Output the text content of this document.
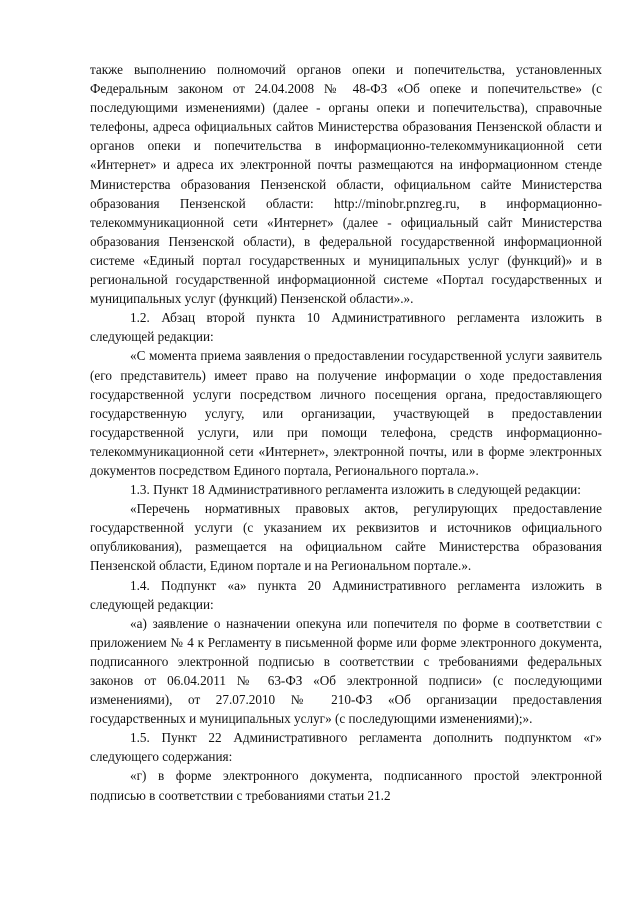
также выполнению полномочий органов опеки и попечительства, установленных Федеральным законом от 24.04.2008 № 48-ФЗ «Об опеке и попечительстве» (с последующими изменениями) (далее - органы опеки и попечительства), справочные телефоны, адреса официальных сайтов Министерства образования Пензенской области и органов опеки и попечительства в информационно-телекоммуникационной сети «Интернет» и адреса их электронной почты размещаются на информационном стенде Министерства образования Пензенской области, официальном сайте Министерства образования Пензенской области: http://minobr.pnzreg.ru, в информационно-телекоммуникационной сети «Интернет» (далее - официальный сайт Министерства образования Пензенской области), в федеральной государственной информационной системе «Единый портал государственных и муниципальных услуг (функций)» и в региональной государственной информационной системе «Портал государственных и муниципальных услуг (функций) Пензенской области».».

1.2. Абзац второй пункта 10 Административного регламента изложить в следующей редакции:

«С момента приема заявления о предоставлении государственной услуги заявитель (его представитель) имеет право на получение информации о ходе предоставления государственной услуги посредством личного посещения органа, предоставляющего государственную услугу, или организации, участвующей в предоставлении государственной услуги, или при помощи телефона, средств информационно-телекоммуникационной сети «Интернет», электронной почты, или в форме электронных документов посредством Единого портала, Регионального портала.».

1.3. Пункт 18 Административного регламента изложить в следующей редакции:

«Перечень нормативных правовых актов, регулирующих предоставление государственной услуги (с указанием их реквизитов и источников официального опубликования), размещается на официальном сайте Министерства образования Пензенской области, Едином портале и на Региональном портале.».

1.4. Подпункт «а» пункта 20 Административного регламента изложить в следующей редакции:

«а) заявление о назначении опекуна или попечителя по форме в соответствии с приложением № 4 к Регламенту в письменной форме или форме электронного документа, подписанного электронной подписью в соответствии с требованиями федеральных законов от 06.04.2011 № 63-ФЗ «Об электронной подписи» (с последующими изменениями), от 27.07.2010 № 210-ФЗ «Об организации предоставления государственных и муниципальных услуг» (с последующими изменениями);».

1.5. Пункт 22 Административного регламента дополнить подпунктом «г» следующего содержания:

«г) в форме электронного документа, подписанного простой электронной подписью в соответствии с требованиями статьи 21.2
